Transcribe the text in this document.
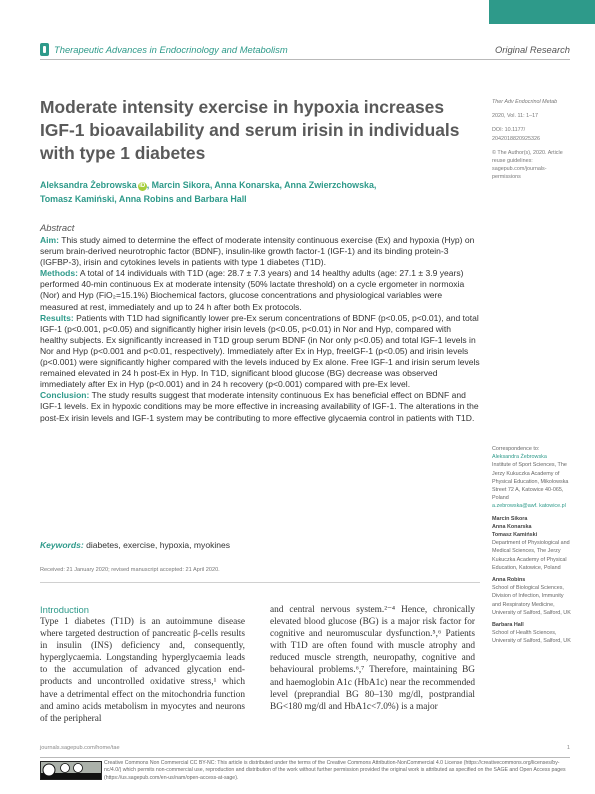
Therapeutic Advances in Endocrinology and Metabolism	Original Research
Moderate intensity exercise in hypoxia increases IGF-1 bioavailability and serum irisin in individuals with type 1 diabetes
Aleksandra Żebrowska iD , Marcin Sikora, Anna Konarska, Anna Zwierzchowska,
Tomasz Kamiński, Anna Robins and Barbara Hall
Ther Adv Endocrinol Metab
2020, Vol. 11: 1–17
DOI: 10.1177/ 2042018820925326
© The Author(s), 2020. Article reuse guidelines: sagepub.com/journals-permissions
Abstract

Aim: This study aimed to determine the effect of moderate intensity continuous exercise (Ex) and hypoxia (Hyp) on serum brain-derived neurotrophic factor (BDNF), insulin-like growth factor-1 (IGF-1) and its binding protein-3 (IGFBP-3), irisin and cytokines levels in patients with type 1 diabetes (T1D).

Methods: A total of 14 individuals with T1D (age: 28.7 ± 7.3 years) and 14 healthy adults (age: 27.1 ± 3.9 years) performed 40-min continuous Ex at moderate intensity (50% lactate threshold) on a cycle ergometer in normoxia (Nor) and Hyp (FiO₂=15.1%) Biochemical factors, glucose concentrations and physiological variables were measured at rest, immediately and up to 24 h after both Ex protocols.

Results: Patients with T1D had significantly lower pre-Ex serum concentrations of BDNF (p<0.05, p<0.01), and total IGF-1 (p<0.001, p<0.05) and significantly higher irisin levels (p<0.05, p<0.01) in Nor and Hyp, compared with healthy subjects. Ex significantly increased in T1D group serum BDNF (in Nor only p<0.05) and total IGF-1 levels in Nor and Hyp (p<0.001 and p<0.01, respectively). Immediately after Ex in Hyp, freeIGF-1 (p<0.05) and irisin levels (p<0.001) were significantly higher compared with the levels induced by Ex alone. Free IGF-1 and irisin serum levels remained elevated in 24 h post-Ex in Hyp. In T1D, significant blood glucose (BG) decrease was observed immediately after Ex in Hyp (p<0.001) and in 24 h recovery (p<0.001) compared with pre-Ex level.

Conclusion: The study results suggest that moderate intensity continuous Ex has beneficial effect on BDNF and IGF-1 levels. Ex in hypoxic conditions may be more effective in increasing availability of IGF-1. The alterations in the post-Ex irisin levels and IGF-1 system may be contributing to more effective glycaemia control in patients with T1D.

Keywords: diabetes, exercise, hypoxia, myokines
Received: 21 January 2020; revised manuscript accepted: 21 April 2020.
Introduction
Type 1 diabetes (T1D) is an autoimmune disease where targeted destruction of pancreatic β-cells results in insulin (INS) deficiency and, consequently, hyperglycaemia. Longstanding hyperglycaemia leads to the accumulation of advanced glycation end-products and uncontrolled oxidative stress,¹ which have a detrimental effect on the mitochondria function and amino acids metabolism in myocytes and neurons of the peripheral
and central nervous system.²⁻⁴ Hence, chronically elevated blood glucose (BG) is a major risk factor for cognitive and neuromuscular dysfunction.⁵,⁶ Patients with T1D are often found with muscle atrophy and reduced muscle strength, neuropathy, cognitive and behavioural problems.⁶,⁷ Therefore, maintaining BG and haemoglobin A1c (HbA1c) near the recommended level (preprandial BG 80–130 mg/dl, postprandial BG<180 mg/dl and HbA1c<7.0%) is a major
Correspondence to:
Aleksandra Żebrowska
Institute of Sport Sciences, The Jerzy Kukuczka Academy of Physical Education, Mikolowska Street 72 A, Katowice 40-065, Poland
a.zebrowska@awf. katowice.pl
Marcin Sikora
Anna Konarska
Tomasz Kamiński
Department of Physiological and Medical Sciences, The Jerzy Kukuczka Academy of Physical Education, Katowice, Poland
Anna Robins
School of Biological Sciences, Division of Infection, Immunity and Respiratory Medicine, University of Salford, Salford, UK
Barbara Hall
School of Health Sciences, University of Salford, Salford, UK
journals.sagepub.com/home/tae	1
Creative Commons Non Commercial CC BY-NC: This article is distributed under the terms of the Creative Commons Attribution-NonCommercial 4.0 License (https://creativecommons.org/licenses/by-nc/4.0/) which permits non-commercial use, reproduction and distribution of the work without further permission provided the original work is attributed as specified on the SAGE and Open Access pages (https://us.sagepub.com/en-us/nam/open-access-at-sage).
